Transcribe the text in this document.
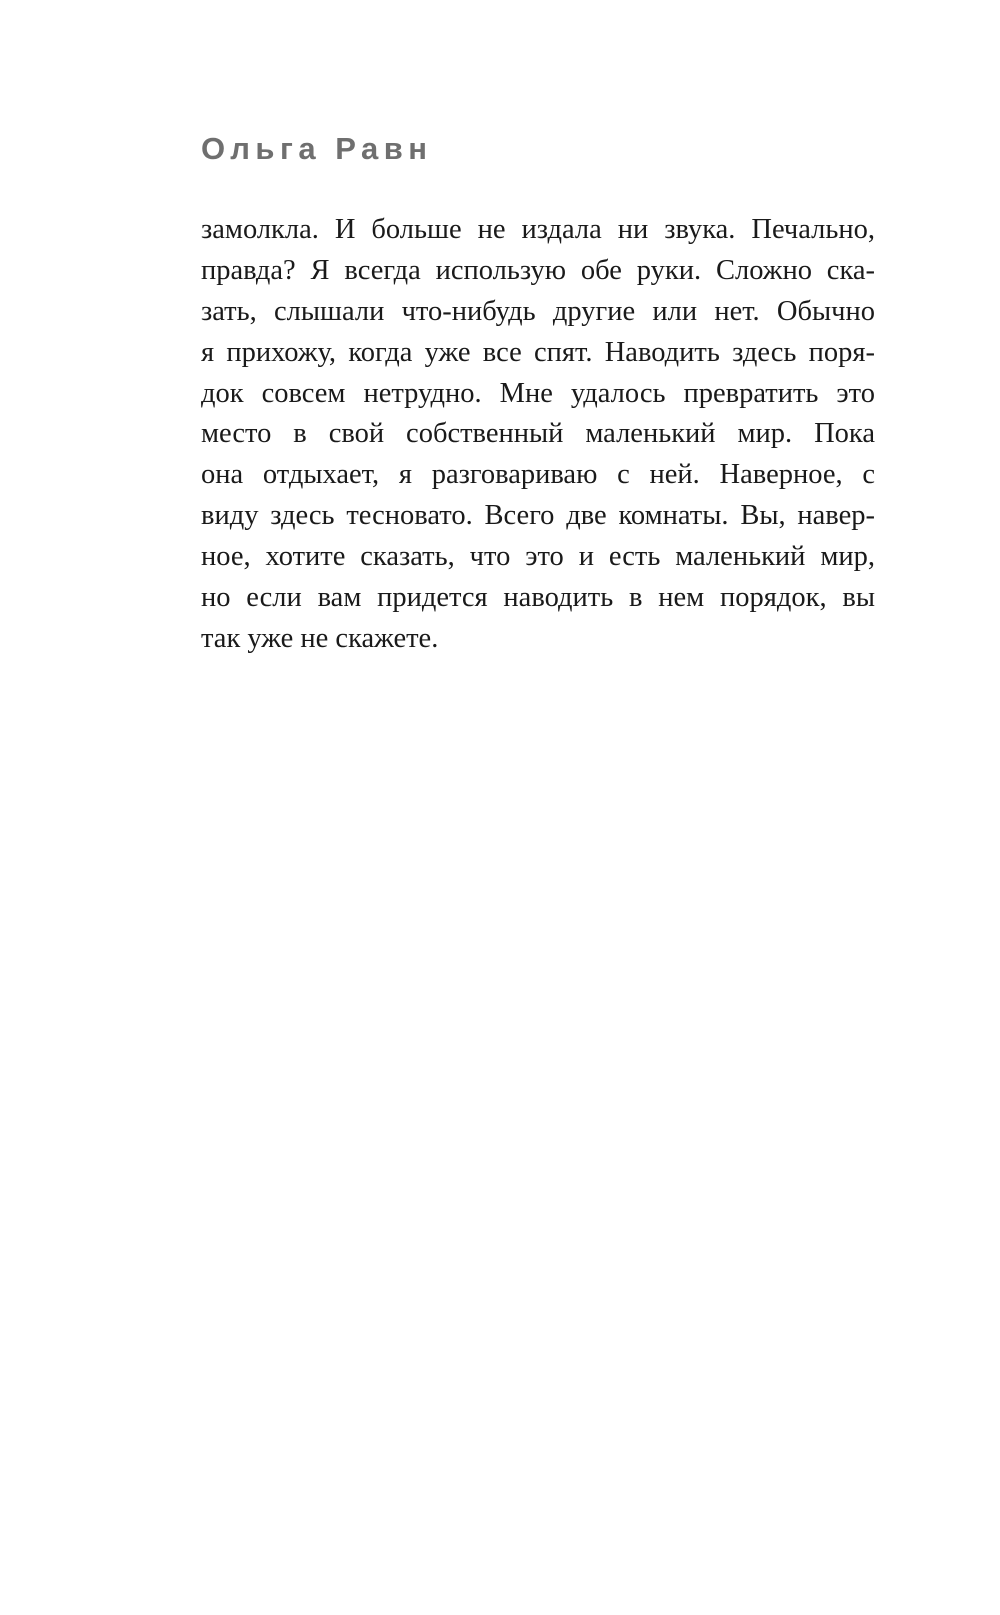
Ольга Равн
замолкла. И больше не издала ни звука. Печально,
правда? Я всегда использую обе руки. Сложно ска-
зать, слышали что-нибудь другие или нет. Обычно
я прихожу, когда уже все спят. Наводить здесь поря-
док совсем нетрудно. Мне удалось превратить это
место в свой собственный маленький мир. Пока
она отдыхает, я разговариваю с ней. Наверное, с
виду здесь тесновато. Всего две комнаты. Вы, навер-
ное, хотите сказать, что это и есть маленький мир,
но если вам придется наводить в нем порядок, вы
так уже не скажете.
